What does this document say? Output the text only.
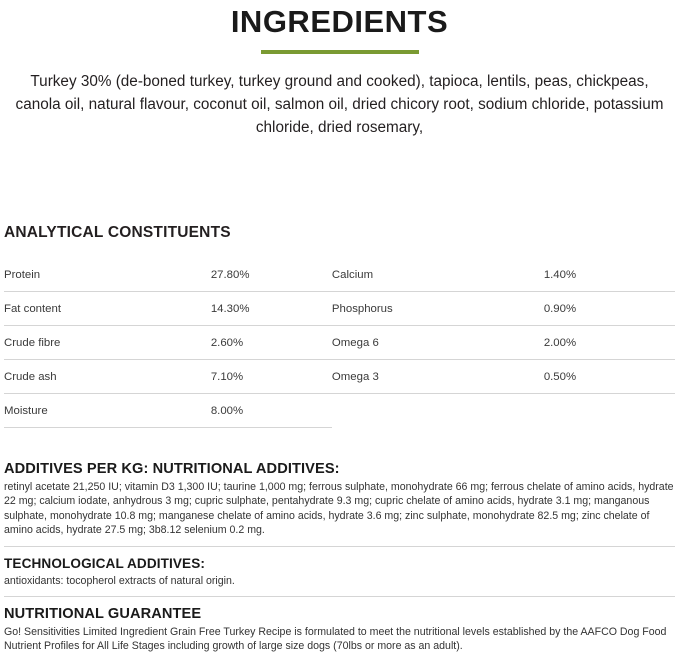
INGREDIENTS

Turkey 30% (de-boned turkey, turkey ground and cooked), tapioca, lentils, peas, chickpeas, canola oil, natural flavour, coconut oil, salmon oil, dried chicory root, sodium chloride, potassium chloride, dried rosemary,

ANALYTICAL CONSTITUENTS
Protein	27.80%	Calcium	1.40%
Fat content	14.30%	Phosphorus	0.90%
Crude fibre	2.60%	Omega 6	2.00%
Crude ash	7.10%	Omega 3	0.50%
Moisture	8.00%		
ADDITIVES PER KG: NUTRITIONAL ADDITIVES:

retinyl acetate 21,250 IU; vitamin D3 1,300 IU; taurine 1,000 mg; ferrous sulphate, monohydrate 66 mg; ferrous chelate of amino acids, hydrate 22 mg; calcium iodate, anhydrous 3 mg; cupric sulphate, pentahydrate 9.3 mg; cupric chelate of amino acids, hydrate 3.1 mg; manganous sulphate, monohydrate 10.8 mg; manganese chelate of amino acids, hydrate 3.6 mg; zinc sulphate, monohydrate 82.5 mg; zinc chelate of amino acids, hydrate 27.5 mg; 3b8.12 selenium 0.2 mg.

TECHNOLOGICAL ADDITIVES:

antioxidants: tocopherol extracts of natural origin.

NUTRITIONAL GUARANTEE

Go! Sensitivities Limited Ingredient Grain Free Turkey Recipe is formulated to meet the nutritional levels established by the AAFCO Dog Food Nutrient Profiles for All Life Stages including growth of large size dogs (70lbs or more as an adult).
